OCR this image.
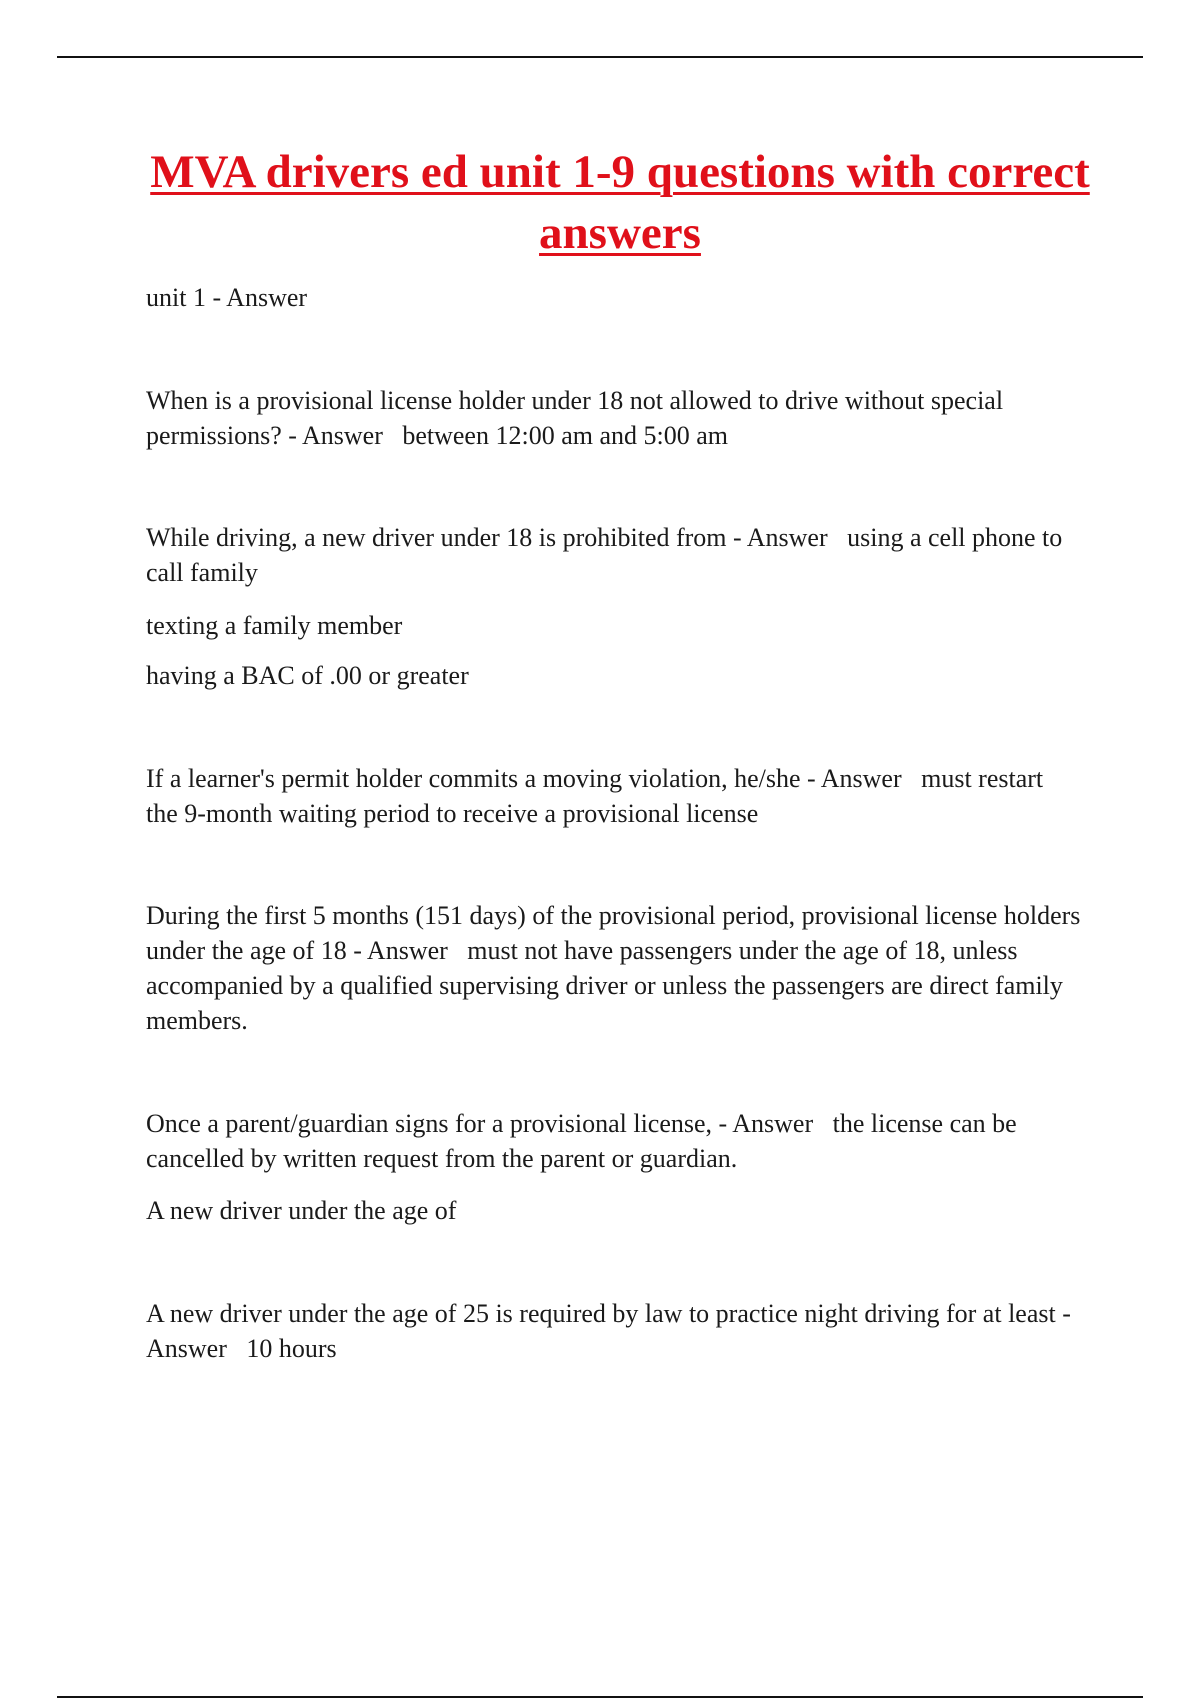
MVA drivers ed unit 1-9 questions with correct answers

unit 1 - Answer

When is a provisional license holder under 18 not allowed to drive without special permissions? - Answer   between 12:00 am and 5:00 am

While driving, a new driver under 18 is prohibited from - Answer   using a cell phone to call family

texting a family member

having a BAC of .00 or greater

If a learner's permit holder commits a moving violation, he/she - Answer   must restart the 9-month waiting period to receive a provisional license

During the first 5 months (151 days) of the provisional period, provisional license holders under the age of 18 - Answer   must not have passengers under the age of 18, unless accompanied by a qualified supervising driver or unless the passengers are direct family members.

Once a parent/guardian signs for a provisional license, - Answer   the license can be cancelled by written request from the parent or guardian.

A new driver under the age of

A new driver under the age of 25 is required by law to practice night driving for at least - Answer   10 hours
